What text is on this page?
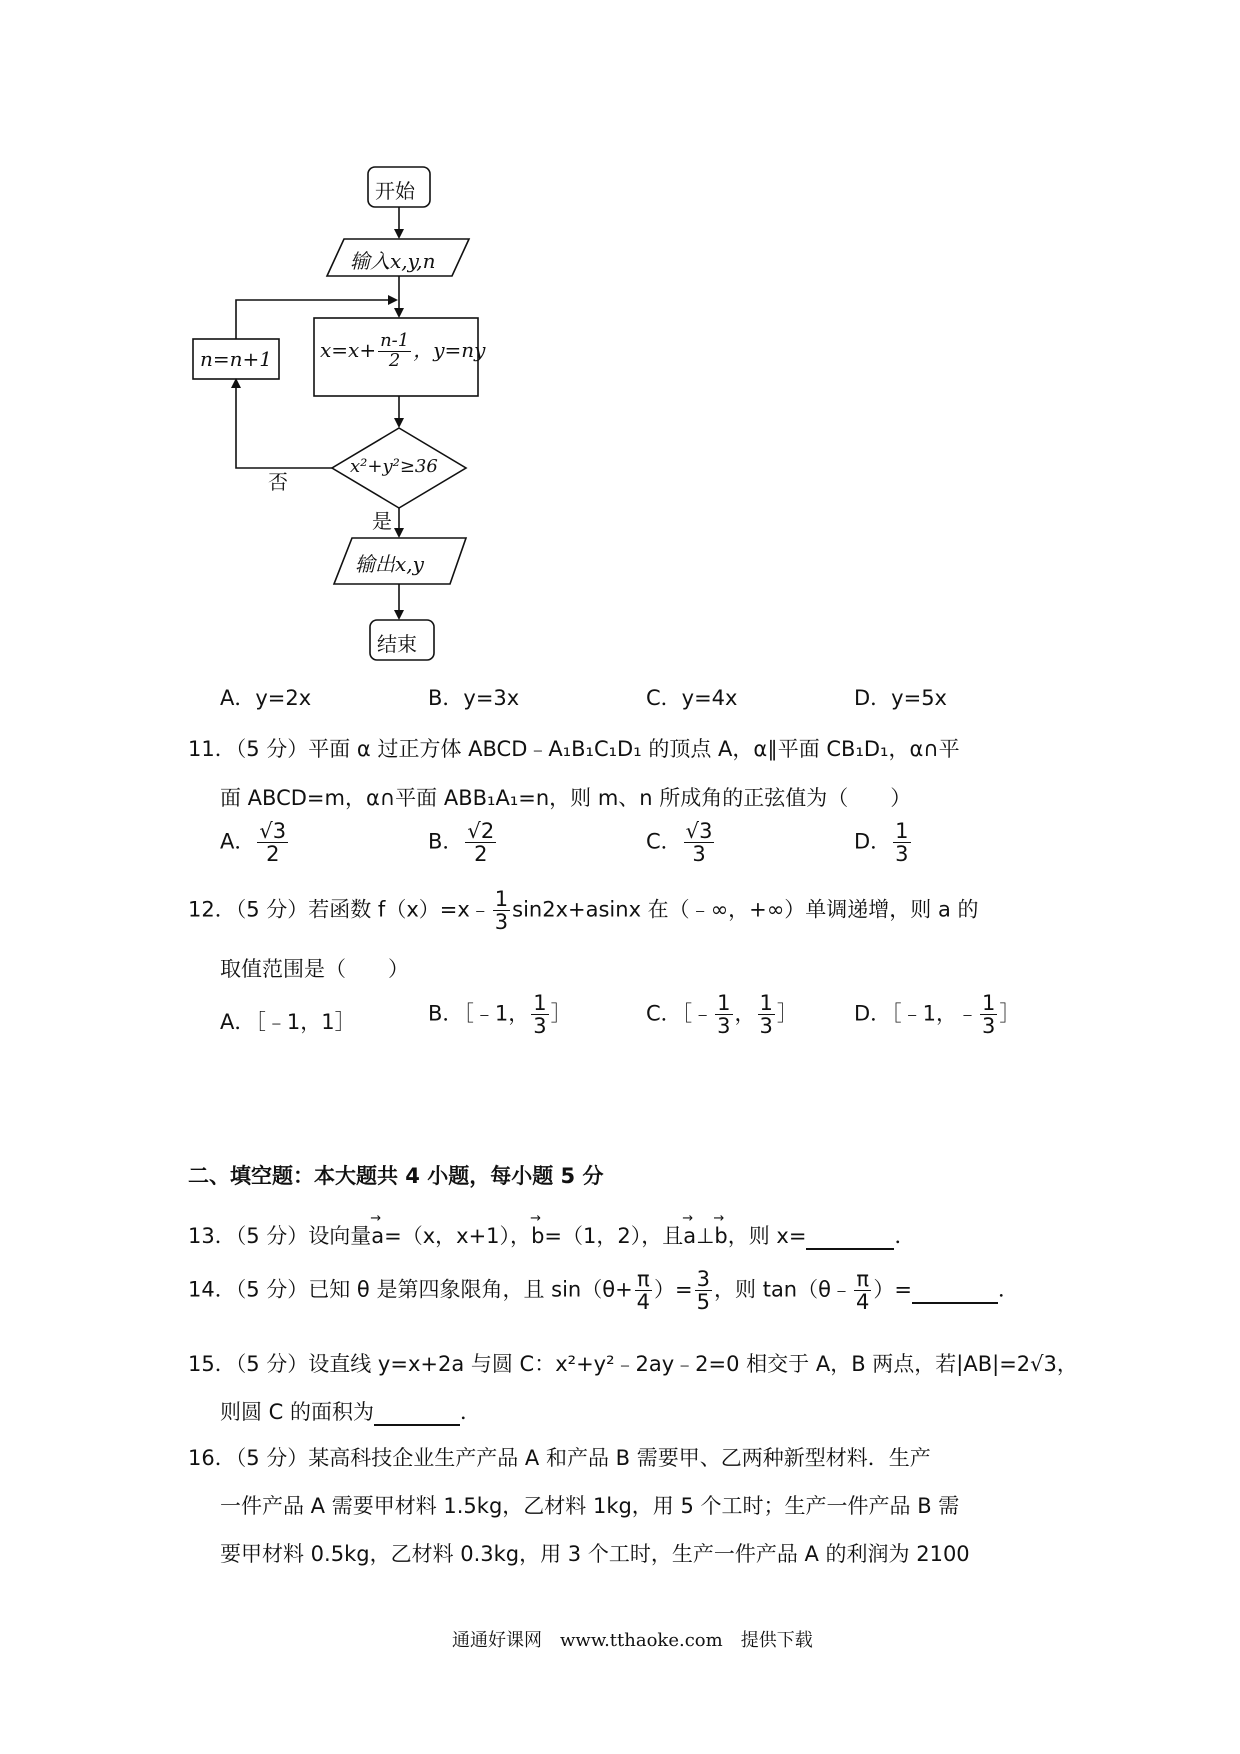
开始
输入x,y,n
$x=x+ \frac{n-1}{2}$ ，y=ny
n=n+1
x²+y²≥36
否
是
输出x,y
结束
A．y=2x	B．y=3x	C．y=4x	D．y=5x
11．（5 分）平面 α 过正方体 ABCD﹣A₁B₁C₁D₁ 的顶点 A，α∥平面 CB₁D₁，α∩平
面 ABCD=m，α∩平面 ABB₁A₁=n，则 m、n 所成角的正弦值为（　　）
A． √ $\frac{3}{2}$	B． √ $\frac{2}{2}$	C． √ $\frac{3}{3}$	D． $\frac{1}{3}$
12．（5 分）若函数 f（x）=x﹣ $\frac{1}{3} \sin 2x+asinx$ 在（﹣∞，+∞）单调递增，则 a 的
取值范围是（　　）
A．［﹣1，1］	B．［﹣1， $\frac{1}{3}$ ］	C．［﹣ $\frac{1}{3}$ ， $\frac{1}{3}$ ］	D．［﹣1，﹣ $\frac{1}{3}$ ］
二、填空题：本大题共 4 小题，每小题 5 分
13．（5 分）设向量→ a=（x，x+1），→ b=（1，2），且→ a⊥→ b，则 x=	．
14．（5 分）已知 θ 是第四象限角，且 $\sin(\theta+ \frac{\pi}{4}$ ）= $\frac{3}{5}$ ，则 tan（θ﹣ $\frac{\pi}{4}$ ）=	．
15．（5 分）设直线 y=x+2a 与圆 C：x²+y²﹣2ay﹣2=0 相交于 A，B 两点，若|AB|=2√3，
则圆 C 的面积为	．
16．（5 分）某高科技企业生产产品 A 和产品 B 需要甲、乙两种新型材料．生产
一件产品 A 需要甲材料 1.5kg，乙材料 1kg，用 5 个工时；生产一件产品 B 需
要甲材料 0.5kg，乙材料 0.3kg，用 3 个工时，生产一件产品 A 的利润为 2100
通通好课网　www.tthaoke.com　提供下载
